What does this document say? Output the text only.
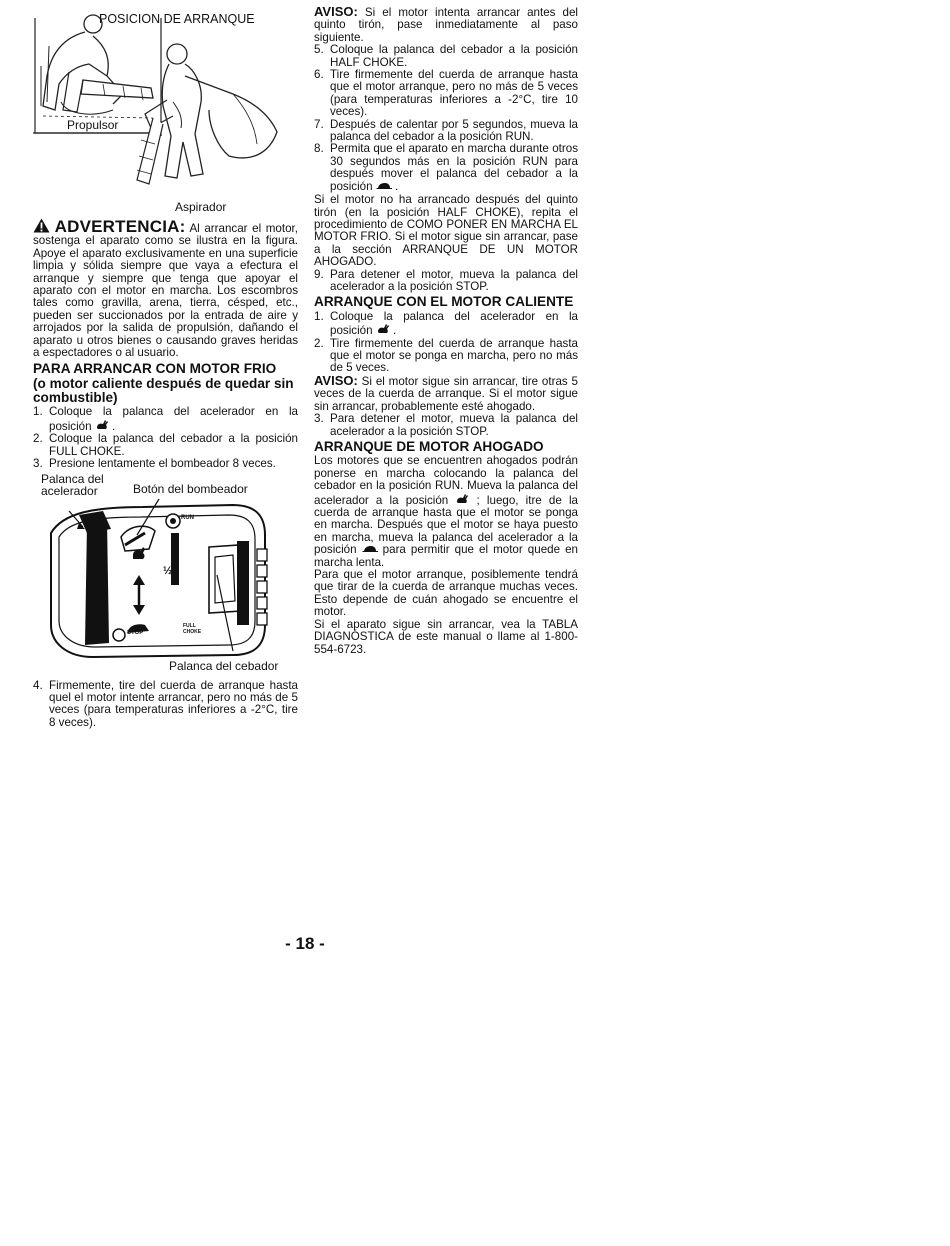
POSICION DE ARRANQUE
Propulsor
Aspirador

ADVERTENCIA: Al arrancar el motor, sostenga el aparato como se ilustra en la figura. Apoye el aparato exclusivamente en una superficie limpia y sólida siempre que vaya a efectura el arranque y siempre que tenga que apoyar el aparato con el motor en marcha. Los escombros tales como gravilla, arena, tierra, césped, etc., pueden ser succionados por la entrada de aire y arrojados por la salida de propulsión, dañando el aparato u otros bienes o causando graves heridas a espectadores o al usuario.

PARA ARRANCAR CON MOTOR FRIO
(o motor caliente después de quedar sin combustible)
1. Coloque la palanca del acelerador en la posición .
2. Coloque la palanca del cebador a la posición FULL CHOKE.
3. Presione lentamente el bombeador 8 veces.
Palanca del
acelerador	Botón del bombeador
RUN
½
STOP
FULL
CHOKE
Palanca del cebador
4. Firmemente, tire del cuerda de arranque hasta quel el motor intente arrancar, pero no más de 5 veces (para temperaturas inferiores a -2°C, tire 8 veces).

AVISO: Si el motor intenta arrancar antes del quinto tirón, pase inmediatamente al paso siguiente.

5. Coloque la palanca del cebador a la posición HALF CHOKE.
6. Tire firmemente del cuerda de arranque hasta que el motor arranque, pero no más de 5 veces (para temperaturas inferiores a -2°C, tire 10 veces).
7. Después de calentar por 5 segundos, mueva la palanca del cebador a la posición RUN.
8. Permita que el aparato en marcha durante otros 30 segundos más en la posición RUN para después mover el palanca del cebador a la posición .

Si el motor no ha arrancado después del quinto tirón (en la posición HALF CHOKE), repita el procedimiento de COMO PONER EN MARCHA EL MOTOR FRIO. Si el motor sigue sin arrancar, pase a la sección ARRANQUE DE UN MOTOR AHOGADO.

9. Para detener el motor, mueva la palanca del acelerador a la posición STOP.
ARRANQUE CON EL MOTOR CALIENTE
1. Coloque la palanca del acelerador en la posición .
2. Tire firmemente del cuerda de arranque hasta que el motor se ponga en marcha, pero no más de 5 veces.

AVISO: Si el motor sigue sin arrancar, tire otras 5 veces de la cuerda de arranque. Si el motor sigue sin arrancar, probablemente esté ahogado.

3. Para detener el motor, mueva la palanca del acelerador a la posición STOP.
ARRANQUE DE MOTOR AHOGADO

Los motores que se encuentren ahogados podrán ponerse en marcha colocando la palanca del cebador en la posición RUN. Mueva la palanca del acelerador a la posición ; luego, itre de la cuerda de arranque hasta que el motor se ponga en marcha. Después que el motor se haya puesto en marcha, mueva la palanca del acelerador a la posición para permitir que el motor quede en marcha lenta.

Para que el motor arranque, posiblemente tendrá que tirar de la cuerda de arranque muchas veces. Esto depende de cuán ahogado se encuentre el motor.

Si el aparato sigue sin arrancar, vea la TABLA DIAGNÓSTICA de este manual o llame al 1-800-554-6723.

- 18 -
